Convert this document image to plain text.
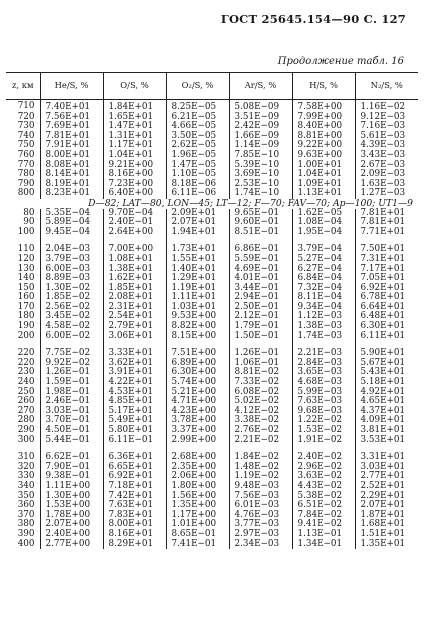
ГОСТ 25645.154—90 С. 127
Продолжение табл. 16
z, км	He/S, %	O/S, %	O₂/S, %	Ar/S, %	H/S, %	N₂/S, %
710	7.40E+01	1.84E+01	8.25E−05	5.08E−09	7.58E+00	1.16E−02
720	7.56E+01	1.65E+01	6.21E−05	3.51E−09	7.99E+00	9.12E−03
730	7.69E+01	1.47E+01	4.66E−05	2.42E−09	8.40E+00	7.16E−03
740	7.81E+01	1.31E+01	3.50E−05	1.66E−09	8.81E+00	5.61E−03
750	7.91E+01	1.17E+01	2.62E−05	1.14E−09	9.22E+00	4.39E−03
760	8.00E+01	1.04E+01	1.96E−05	7.85E−10	9.63E+00	3.43E−03
770	8.08E+01	9.21E+00	1.47E−05	5.39E−10	1.00E+01	2.67E−03
780	8.14E+01	8.16E+00	1.10E−05	3.69E−10	1.04E+01	2.09E−03
790	8.19E+01	7.23E+00	8.18E−06	2.53E−10	1.09E+01	1.63E−03
800	8.23E+01	6.40E+00	6.11E−06	1.74E−10	1.13E+01	1.27E−03
D—82; LAT—80, LON—45; LT—12; F—70; FAV—70; Ap—100; UT1—9						
80	5.35E−04	9.70E−04	2.09E+01	9.65E−01	1.62E−05	7.81E+01
90	5.89E−04	2.40E−01	2.07E+01	9.60E−01	1.08E−04	7.81E+01
100	9.45E−04	2.64E+00	1.94E+01	8.51E−01	1.95E−04	7.71E+01

110	2.04E−03	7.00E+00	1.73E+01	6.86E−01	3.79E−04	7.50E+01
120	3.79E−03	1.08E+01	1.55E+01	5.59E−01	5.27E−04	7.31E+01
130	6.00E−03	1.38E+01	1.40E+01	4.69E−01	6.27E−04	7.17E+01
140	8.89E−03	1.62E+01	1.29E+01	4.01E−01	6.84E−04	7.05E+01
150	1.30E−02	1.85E+01	1.19E+01	3.44E−01	7.32E−04	6.92E+01
160	1.85E−02	2.08E+01	1.11E+01	2.94E−01	8.11E−04	6.78E+01
170	2.56E−02	2.31E+01	1.03E+01	2.50E−01	9.34E−04	6.64E+01
180	3.45E−02	2.54E+01	9.53E+00	2.12E−01	1.12E−03	6.48E+01
190	4.58E−02	2.79E+01	8.82E+00	1.79E−01	1.38E−03	6.30E+01
200	6.00E−02	3.06E+01	8.15E+00	1.50E−01	1.74E−03	6.11E+01

220	7.75E−02	3.33E+01	7.51E+00	1.26E−01	2.21E−03	5.90E+01
220	9.92E−02	3.62E+01	6.89E+00	1.06E−01	2.84E−03	5.67E+01
230	1.26E−01	3.91E+01	6.30E+00	8.81E−02	3.65E−03	5.43E+01
240	1.59E−01	4.22E+01	5.74E+00	7.33E−02	4.68E−03	5.18E+01
250	1.98E−01	4.53E+01	5.21E+00	6.08E−02	5.99E−03	4.92E+01
260	2.46E−01	4.85E+01	4.71E+00	5.02E−02	7.63E−03	4.65E+01
270	3.03E−01	5.17E+01	4.23E+00	4.12E−02	9.68E−03	4.37E+01
280	3.70E−01	5.49E+01	3.78E+00	3.38E−02	1.22E−02	4.09E+01
290	4.50E−01	5.80E+01	3.37E+00	2.76E−02	1.53E−02	3.81E+01
300	5.44E−01	6.11E−01	2.99E+00	2.21E−02	1.91E−02	3.53E+01

310	6.62E−01	6.36E+01	2.68E+00	1.84E−02	2.40E−02	3.31E+01
320	7.90E−01	6.65E+01	2.35E+00	1.48E−02	2.96E−02	3.03E+01
330	9.38E−01	6.92E+01	2.06E+00	1.19E−02	3.63E−02	2.77E+01
340	1.11E+00	7.18E+01	1.80E+00	9.48E−03	4.43E−02	2.52E+01
350	1.30E+00	7.42E+01	1.56E+00	7.56E−03	5.38E−02	2.29E+01
360	1.53E+00	7.63E+01	1.35E+00	6.01E−03	6.51E−02	2.07E+01
370	1.78E+00	7.83E+01	1.17E+00	4.76E−03	7.84E−02	1.87E+01
380	2.07E+00	8.00E+01	1.01E+00	3.77E−03	9.41E−02	1.68E+01
390	2.40E+00	8.16E+01	8.65E−01	2.97E−03	1.13E−01	1.51E+01
400	2.77E+00	8.29E+01	7.41E−01	2.34E−03	1.34E−01	1.35E+01
